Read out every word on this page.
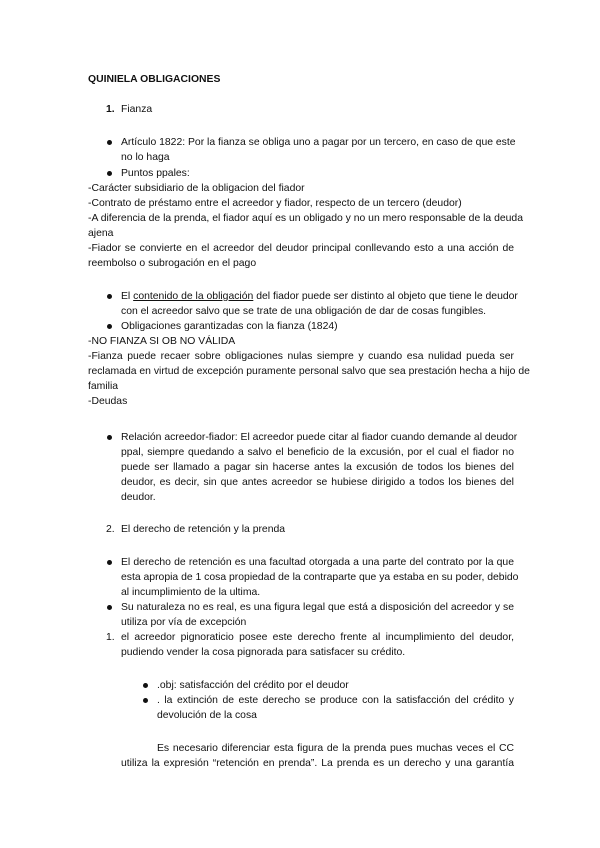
QUINIELA OBLIGACIONES
1. Fianza
Artículo 1822: Por la fianza se obliga uno a pagar por un tercero, en caso de que este
no lo haga
Puntos ppales:
-Carácter subsidiario de la obligacion del fiador
-Contrato de préstamo entre el acreedor y fiador, respecto de un tercero (deudor)
-A diferencia de la prenda, el fiador aquí es un obligado y no un mero responsable de la deuda
ajena
-Fiador se convierte en el acreedor del deudor principal conllevando esto a una acción de
reembolso o subrogación en el pago
El contenido de la obligación del fiador puede ser distinto al objeto que tiene le deudor
con el acreedor salvo que se trate de una obligación de dar de cosas fungibles.
Obligaciones garantizadas con la fianza (1824)
-NO FIANZA SI OB NO VÁLIDA
-Fianza puede recaer sobre obligaciones nulas siempre y cuando esa nulidad pueda ser
reclamada en virtud de excepción puramente personal salvo que sea prestación hecha a hijo de
familia
-Deudas
Relación acreedor-fiador: El acreedor puede citar al fiador cuando demande al deudor
ppal, siempre quedando a salvo el beneficio de la excusión, por el cual el fiador no
puede ser llamado a pagar sin hacerse antes la excusión de todos los bienes del
deudor, es decir, sin que antes acreedor se hubiese dirigido a todos los bienes del
deudor.
2. El derecho de retención y la prenda
El derecho de retención es una facultad otorgada a una parte del contrato por la que
esta apropia de 1 cosa propiedad de la contraparte que ya estaba en su poder, debido
al incumplimiento de la ultima.
Su naturaleza no es real, es una figura legal que está a disposición del acreedor y se
utiliza por vía de excepción
1. el acreedor pignoraticio posee este derecho frente al incumplimiento del deudor,
pudiendo vender la cosa pignorada para satisfacer su crédito.
.obj: satisfacción del crédito por el deudor
. la extinción de este derecho se produce con la satisfacción del crédito y
devolución de la cosa
Es necesario diferenciar esta figura de la prenda pues muchas veces el CC
utiliza la expresión “retención en prenda”. La prenda es un derecho y una garantía
